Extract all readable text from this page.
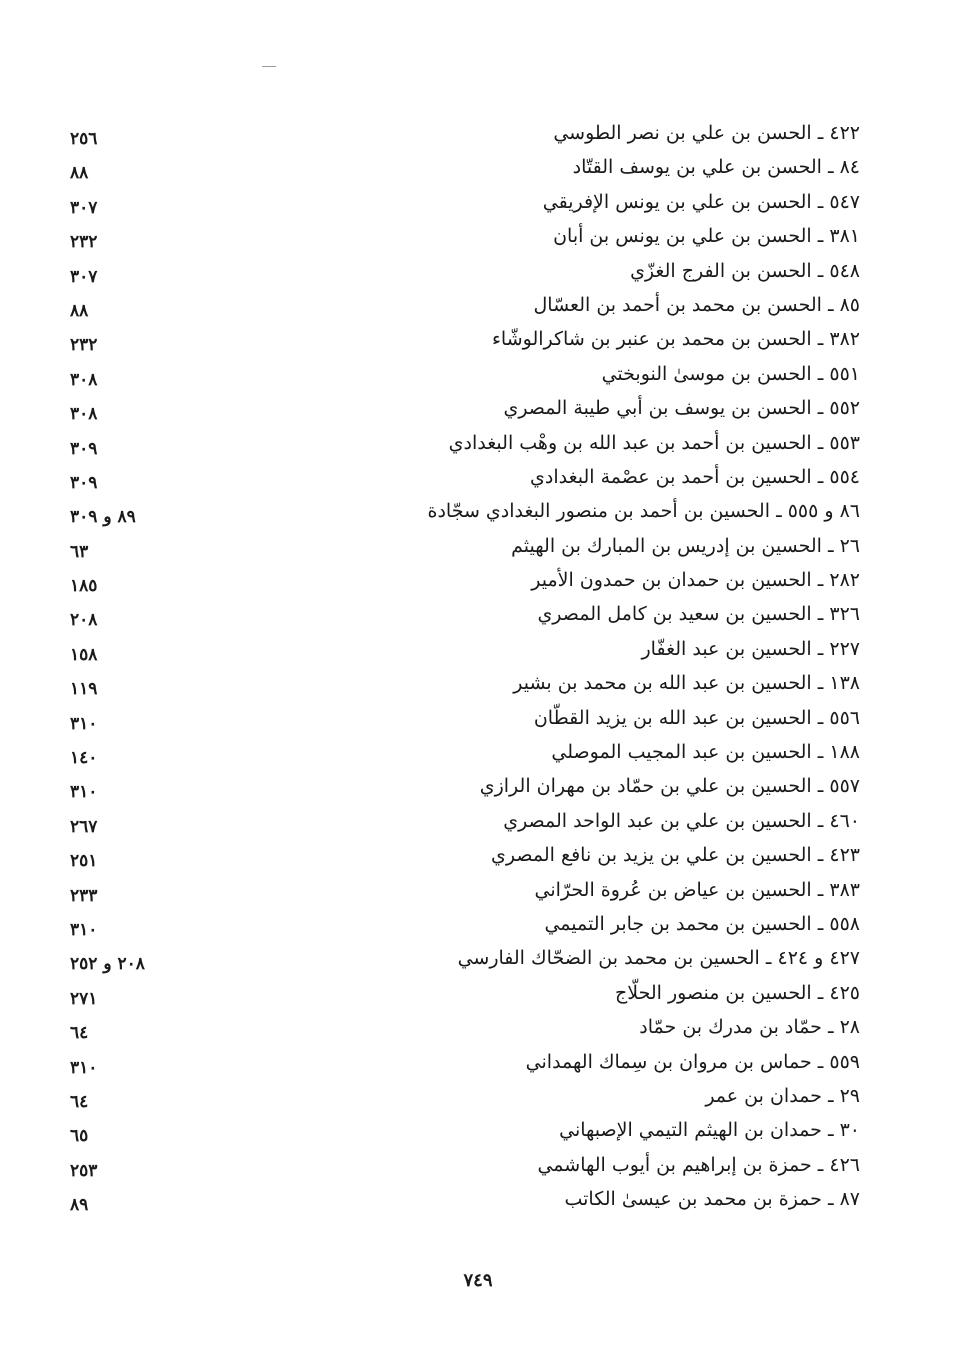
٤٢٢ ـ الحسن بن علي بن نصر الطوسي
٢٥٦
٨٤ ـ الحسن بن علي بن يوسف القتّاد
٨٨
٥٤٧ ـ الحسن بن علي بن يونس الإفريقي
٣٠٧
٣٨١ ـ الحسن بن علي بن يونس بن أبان
٢٣٢
٥٤٨ ـ الحسن بن الفرج الغزّي
٣٠٧
٨٥ ـ الحسن بن محمد بن أحمد بن العسّال
٨٨
٣٨٢ ـ الحسن بن محمد بن عنبر بن شاكرالوشّاء
٢٣٢
٥٥١ ـ الحسن بن موسىٰ النوبختي
٣٠٨
٥٥٢ ـ الحسن بن يوسف بن أبي طيبة المصري
٣٠٨
٥٥٣ ـ الحسين بن أحمد بن عبد الله بن وهْب البغدادي
٣٠٩
٥٥٤ ـ الحسين بن أحمد بن عصْمة البغدادي
٣٠٩
٨٦ و ٥٥٥ ـ الحسين بن أحمد بن منصور البغدادي سجّادة
٨٩ و ٣٠٩
٢٦ ـ الحسين بن إدريس بن المبارك بن الهيثم
٦٣
٢٨٢ ـ الحسين بن حمدان بن حمدون الأمير
١٨٥
٣٢٦ ـ الحسين بن سعيد بن كامل المصري
٢٠٨
٢٢٧ ـ الحسين بن عبد الغفّار
١٥٨
١٣٨ ـ الحسين بن عبد الله بن محمد بن بشير
١١٩
٥٥٦ ـ الحسين بن عبد الله بن يزيد القطّان
٣١٠
١٨٨ ـ الحسين بن عبد المجيب الموصلي
١٤٠
٥٥٧ ـ الحسين بن علي بن حمّاد بن مهران الرازي
٣١٠
٤٦٠ ـ الحسين بن علي بن عبد الواحد المصري
٢٦٧
٤٢٣ ـ الحسين بن علي بن يزيد بن نافع المصري
٢٥١
٣٨٣ ـ الحسين بن عياض بن عُروة الحرّاني
٢٣٣
٥٥٨ ـ الحسين بن محمد بن جابر التميمي
٣١٠
٤٢٧ و ٤٢٤ ـ الحسين بن محمد بن الضحّاك الفارسي
٢٠٨ و ٢٥٢
٤٢٥ ـ الحسين بن منصور الحلّاج
٢٧١
٢٨ ـ حمّاد بن مدرك بن حمّاد
٦٤
٥٥٩ ـ حماس بن مروان بن سِماك الهمداني
٣١٠
٢٩ ـ حمدان بن عمر
٦٤
٣٠ ـ حمدان بن الهيثم التيمي الإصبهاني
٦٥
٤٢٦ ـ حمزة بن إبراهيم بن أيوب الهاشمي
٢٥٣
٨٧ ـ حمزة بن محمد بن عيسىٰ الكاتب
٨٩
٧٤٩
